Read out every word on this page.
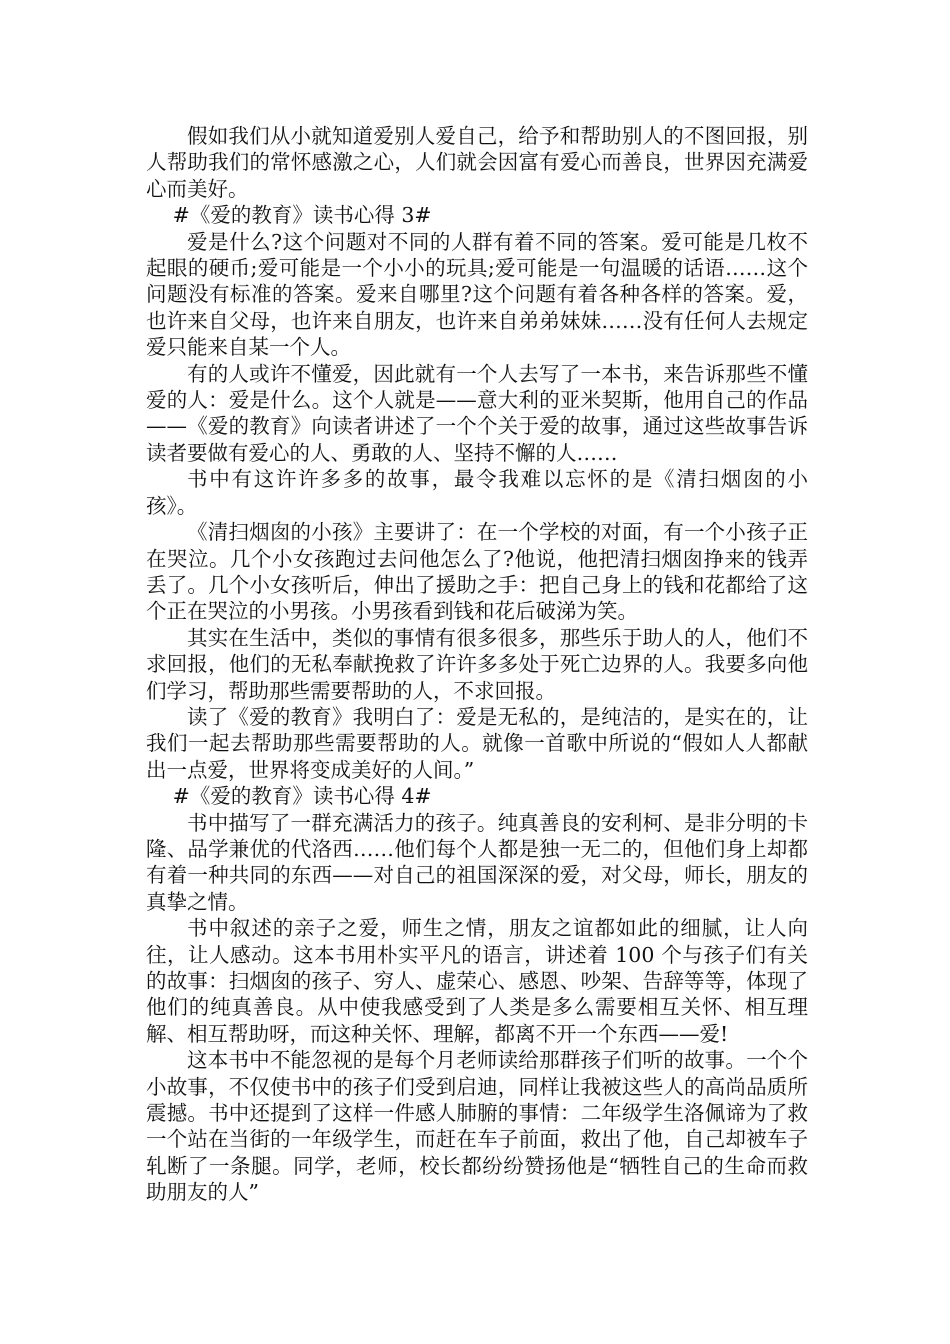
假如我们从小就知道爱别人爱自己，给予和帮助别人的不图回报，别人帮助我们的常怀感激之心，人们就会因富有爱心而善良，世界因充满爱心而美好。

#《爱的教育》读书心得 3#

爱是什么?这个问题对不同的人群有着不同的答案。爱可能是几枚不起眼的硬币;爱可能是一个小小的玩具;爱可能是一句温暖的话语……这个问题没有标准的答案。爱来自哪里?这个问题有着各种各样的答案。爱，也许来自父母，也许来自朋友，也许来自弟弟妹妹……没有任何人去规定爱只能来自某一个人。

有的人或许不懂爱，因此就有一个人去写了一本书，来告诉那些不懂爱的人：爱是什么。这个人就是——意大利的亚米契斯，他用自己的作品——《爱的教育》向读者讲述了一个个关于爱的故事，通过这些故事告诉读者要做有爱心的人、勇敢的人、坚持不懈的人……

书中有这许许多多的故事，最令我难以忘怀的是《清扫烟囱的小孩》。

《清扫烟囱的小孩》主要讲了：在一个学校的对面，有一个小孩子正在哭泣。几个小女孩跑过去问他怎么了?他说，他把清扫烟囱挣来的钱弄丢了。几个小女孩听后，伸出了援助之手：把自己身上的钱和花都给了这个正在哭泣的小男孩。小男孩看到钱和花后破涕为笑。

其实在生活中，类似的事情有很多很多，那些乐于助人的人，他们不求回报，他们的无私奉献挽救了许许多多处于死亡边界的人。我要多向他们学习，帮助那些需要帮助的人，不求回报。

读了《爱的教育》我明白了：爱是无私的，是纯洁的，是实在的，让我们一起去帮助那些需要帮助的人。就像一首歌中所说的“假如人人都献出一点爱，世界将变成美好的人间。”

#《爱的教育》读书心得 4#

书中描写了一群充满活力的孩子。纯真善良的安利柯、是非分明的卡隆、品学兼优的代洛西……他们每个人都是独一无二的，但他们身上却都有着一种共同的东西——对自己的祖国深深的爱，对父母，师长，朋友的真挚之情。

书中叙述的亲子之爱，师生之情，朋友之谊都如此的细腻，让人向往，让人感动。这本书用朴实平凡的语言，讲述着 100 个与孩子们有关的故事：扫烟囱的孩子、穷人、虚荣心、感恩、吵架、告辞等等，体现了他们的纯真善良。从中使我感受到了人类是多么需要相互关怀、相互理解、相互帮助呀，而这种关怀、理解，都离不开一个东西——爱!

这本书中不能忽视的是每个月老师读给那群孩子们听的故事。一个个小故事，不仅使书中的孩子们受到启迪，同样让我被这些人的高尚品质所震撼。书中还提到了这样一件感人肺腑的事情：二年级学生洛佩谛为了救一个站在当街的一年级学生，而赶在车子前面，救出了他，自己却被车子轧断了一条腿。同学，老师，校长都纷纷赞扬他是“牺牲自己的生命而救助朋友的人”
